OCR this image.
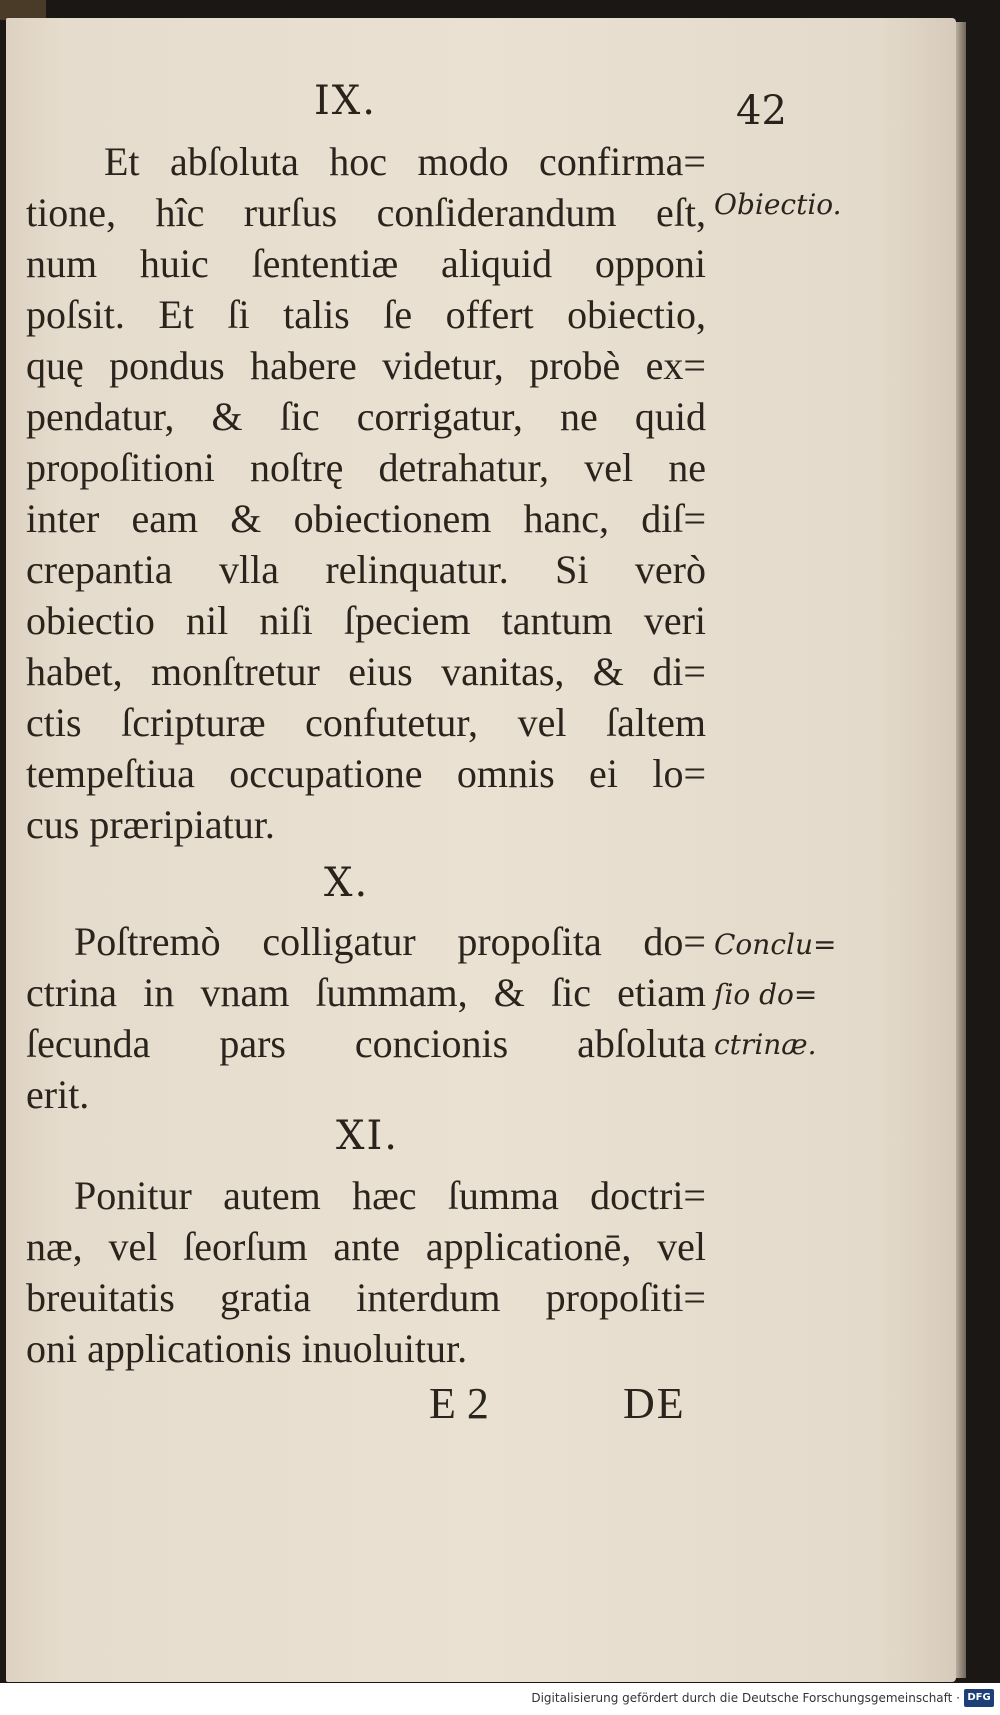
IX.	42
Et abſoluta hoc modo confirma=
tione, hîc rurſus conſiderandum eſt,
num huic ſententiæ aliquid opponi
poſsit. Et ſi talis ſe offert obiectio,
quę pondus habere videtur, probè ex=
pendatur, & ſic corrigatur, ne quid
propoſitioni noſtrę detrahatur, vel ne
inter eam & obiectionem hanc, diſ=
crepantia vlla relinquatur. Si verò
obiectio nil niſi ſpeciem tantum veri
habet, monſtretur eius vanitas, & di=
ctis ſcripturæ confutetur, vel ſaltem
tempeſtiua occupatione omnis ei lo=
cus præripiatur.
Obiectio.
X.
Poſtremò colligatur propoſita do=
ctrina in vnam ſummam, & ſic etiam
ſecunda pars concionis abſoluta
erit.
Conclu=
ſio do=
ctrinæ.
XI.
Ponitur autem hæc ſumma doctri=
næ, vel ſeorſum ante applicationē, vel
breuitatis gratia interdum propoſiti=
oni applicationis inuoluitur.
E 2	DE
Digitalisierung gefördert durch die Deutsche Forschungsgemeinschaft · DFG
